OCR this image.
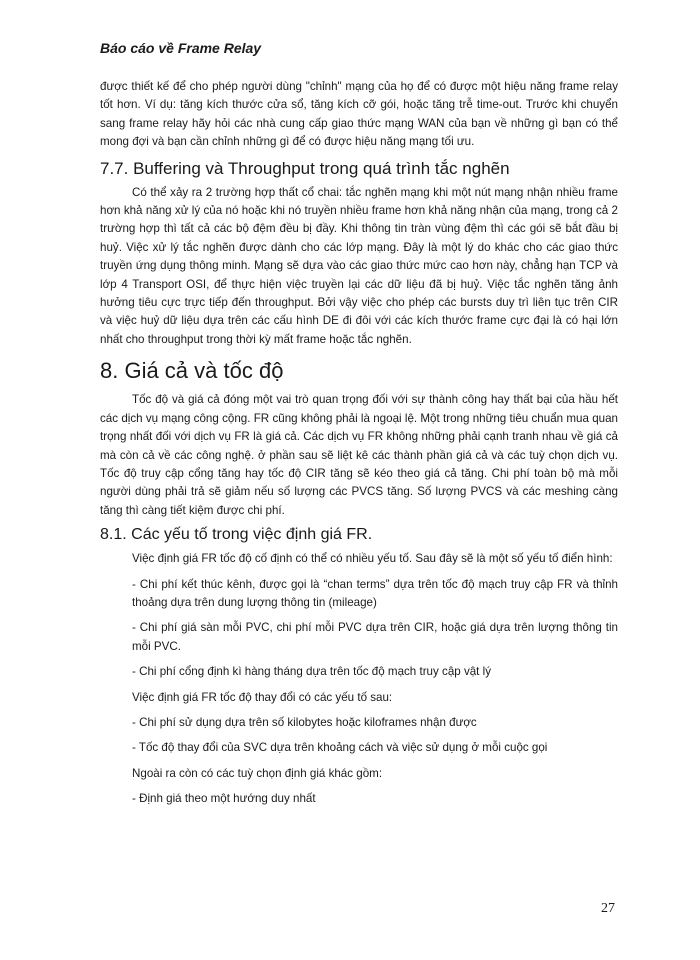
Báo cáo về Frame Relay

được thiết kế để cho phép người dùng "chỉnh" mạng của họ để có được một hiệu năng frame relay tốt hơn. Ví dụ: tăng kích thước cửa sổ, tăng kích cỡ gói, hoặc tăng trễ time-out. Trước khi chuyển sang frame relay hãy hỏi các nhà cung cấp giao thức mạng WAN của bạn về những gì bạn có thể mong đợi và bạn cần chỉnh những gì để có được hiệu năng mạng tối ưu.

7.7. Buffering và Throughput trong quá trình tắc nghẽn

Có thể xảy ra 2 trường hợp thất cổ chai: tắc nghẽn mạng khi một nút mạng nhận nhiều frame hơn khả năng xử lý của nó hoặc khi nó truyền nhiều frame hơn khả năng nhận của mạng, trong cả 2 trường hợp thì tất cả các bộ đệm đều bị đầy. Khi thông tin tràn vùng đệm thì các gói sẽ bắt đầu bị huỷ. Việc xử lý tắc nghẽn được dành cho các lớp mạng. Đây là một lý do khác cho các giao thức truyền ứng dụng thông minh. Mạng sẽ dựa vào các giao thức mức cao hơn này, chẳng hạn TCP và lớp 4 Transport OSI, để thực hiện việc truyền lại các dữ liệu đã bị huỷ. Việc tắc nghẽn tăng ảnh hưởng tiêu cực trực tiếp đến throughput. Bởi vậy việc cho phép các bursts duy trì liên tục trên CIR và việc huỷ dữ liệu dựa trên các cấu hình DE đi đôi với các kích thước frame cực đại là có hại lớn nhất cho throughput trong thời kỳ mất frame hoặc tắc nghẽn.

8. Giá cả và tốc độ

Tốc độ và giá cả đóng một vai trò quan trọng đối với sự thành công hay thất bại của hầu hết các dịch vụ mạng công cộng. FR cũng không phải là ngoại lệ. Một trong những tiêu chuẩn mua quan trọng nhất đối với dịch vụ FR là giá cả. Các dịch vụ FR không những phải cạnh tranh nhau về giá cả mà còn cả về các công nghệ. ở phần sau sẽ liệt kê các thành phần giá cả và các tuỳ chọn dịch vụ. Tốc độ truy cập cổng tăng hay tốc độ CIR tăng sẽ kéo theo giá cả tăng. Chi phí toàn bộ mà mỗi người dùng phải trả sẽ giảm nếu số lượng các PVCS tăng. Số lượng PVCS và các meshing càng tăng thì càng tiết kiệm được chi phí.

8.1. Các yếu tố trong việc định giá FR.

Việc định giá FR tốc độ cố định có thể có nhiều yếu tố. Sau đây sẽ là một số yếu tố điển hình:

- Chi phí kết thúc kênh, được gọi là “chan terms” dựa trên tốc độ mạch truy cập FR và thỉnh thoảng dựa trên dung lượng thông tin (mileage)

- Chi phí giá sàn mỗi PVC, chi phí mỗi PVC dựa trên CIR, hoặc giá dựa trên lượng thông tin mỗi PVC.

- Chi phí cổng định kì hàng tháng dựa trên tốc độ mạch truy cập vật lý

Việc định giá FR tốc độ thay đổi có các yếu tố sau:

- Chi phí sử dụng dựa trên số kilobytes hoặc kiloframes nhận được

- Tốc độ thay đổi của SVC dựa trên khoảng cách và việc sử dụng ở mỗi cuộc gọi

Ngoài ra còn có các tuỳ chọn định giá khác gồm:

- Định giá theo một hướng duy nhất

27
